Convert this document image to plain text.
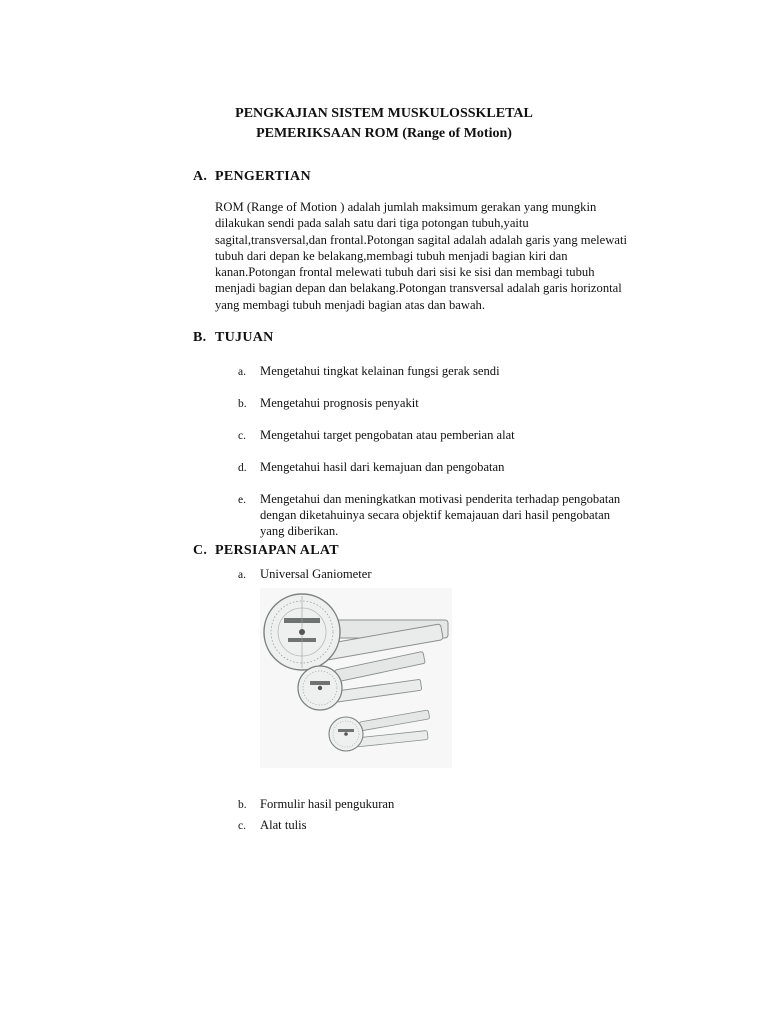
PENGKAJIAN SISTEM MUSKULOSSKLETAL
PEMERIKSAAN ROM (Range of Motion)
A. PENGERTIAN
ROM (Range of Motion ) adalah jumlah maksimum gerakan yang mungkin
dilakukan sendi pada salah satu dari tiga potongan tubuh,yaitu
sagital,transversal,dan frontal.Potongan sagital adalah adalah garis yang melewati
tubuh dari depan ke belakang,membagi tubuh menjadi bagian kiri dan
kanan.Potongan frontal melewati tubuh dari sisi ke sisi dan membagi tubuh
menjadi bagian depan dan belakang.Potongan transversal adalah garis horizontal
yang membagi tubuh menjadi bagian atas dan bawah.
B. TUJUAN
a. Mengetahui tingkat kelainan fungsi gerak sendi
b. Mengetahui prognosis penyakit
c. Mengetahui target pengobatan atau pemberian alat
d. Mengetahui hasil dari kemajuan dan pengobatan
e. Mengetahui dan meningkatkan motivasi penderita terhadap pengobatan
dengan diketahuinya secara objektif kemajauan dari hasil pengobatan
yang diberikan.
C. PERSIAPAN ALAT
a. Universal Ganiometer
b. Formulir hasil pengukuran
c. Alat tulis
